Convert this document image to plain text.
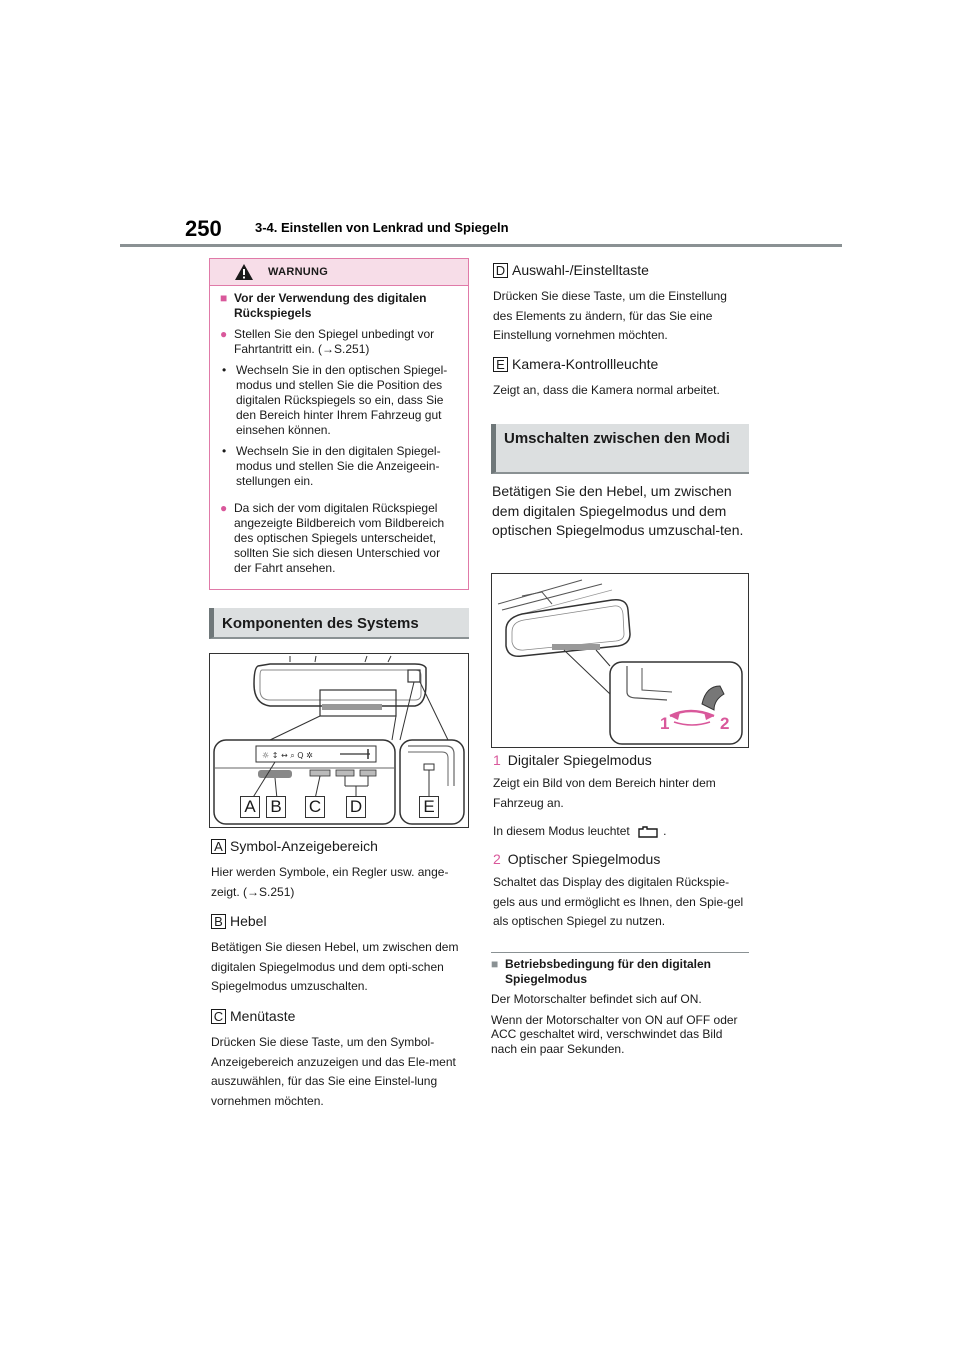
250	3-4. Einstellen von Lenkrad und Spiegeln
WARNUNG
■ Vor der Verwendung des digitalen Rückspiegels
● Stellen Sie den Spiegel unbedingt vor Fahrtantritt ein. (→S.251)
• Wechseln Sie in den optischen Spiegel-modus und stellen Sie die Position des digitalen Rückspiegels so ein, dass Sie den Bereich hinter Ihrem Fahrzeug gut einsehen können.
• Wechseln Sie in den digitalen Spiegel-modus und stellen Sie die Anzeigeein-stellungen ein.
● Da sich der vom digitalen Rückspiegel angezeigte Bildbereich vom Bildbereich des optischen Spiegels unterscheidet, sollten Sie sich diesen Unterschied vor der Fahrt ansehen.
Komponenten des Systems
☼ ↕ ↔ ⌕ Q ✲
A B C D	E
A Symbol-Anzeigebereich
Hier werden Symbole, ein Regler usw. ange-zeigt. (→S.251)
B Hebel
Betätigen Sie diesen Hebel, um zwischen dem digitalen Spiegelmodus und dem opti-schen Spiegelmodus umzuschalten.
C Menütaste
Drücken Sie diese Taste, um den Symbol-Anzeigebereich anzuzeigen und das Ele-ment auszuwählen, für das Sie eine Einstel-lung vornehmen möchten.
D Auswahl-/Einstelltaste
Drücken Sie diese Taste, um die Einstellung des Elements zu ändern, für das Sie eine Einstellung vornehmen möchten.
E Kamera-Kontrollleuchte
Zeigt an, dass die Kamera normal arbeitet.
Umschalten zwischen den Modi
Betätigen Sie den Hebel, um zwischen dem digitalen Spiegelmodus und dem optischen Spiegelmodus umzuschal-ten.
1	2
1 Digitaler Spiegelmodus
Zeigt ein Bild von dem Bereich hinter dem Fahrzeug an.
In diesem Modus leuchtet	.
2 Optischer Spiegelmodus
Schaltet das Display des digitalen Rückspie-gels aus und ermöglicht es Ihnen, den Spie-gel als optischen Spiegel zu nutzen.
■ Betriebsbedingung für den digitalen Spiegelmodus
Der Motorschalter befindet sich auf ON.
Wenn der Motorschalter von ON auf OFF oder ACC geschaltet wird, verschwindet das Bild nach ein paar Sekunden.
